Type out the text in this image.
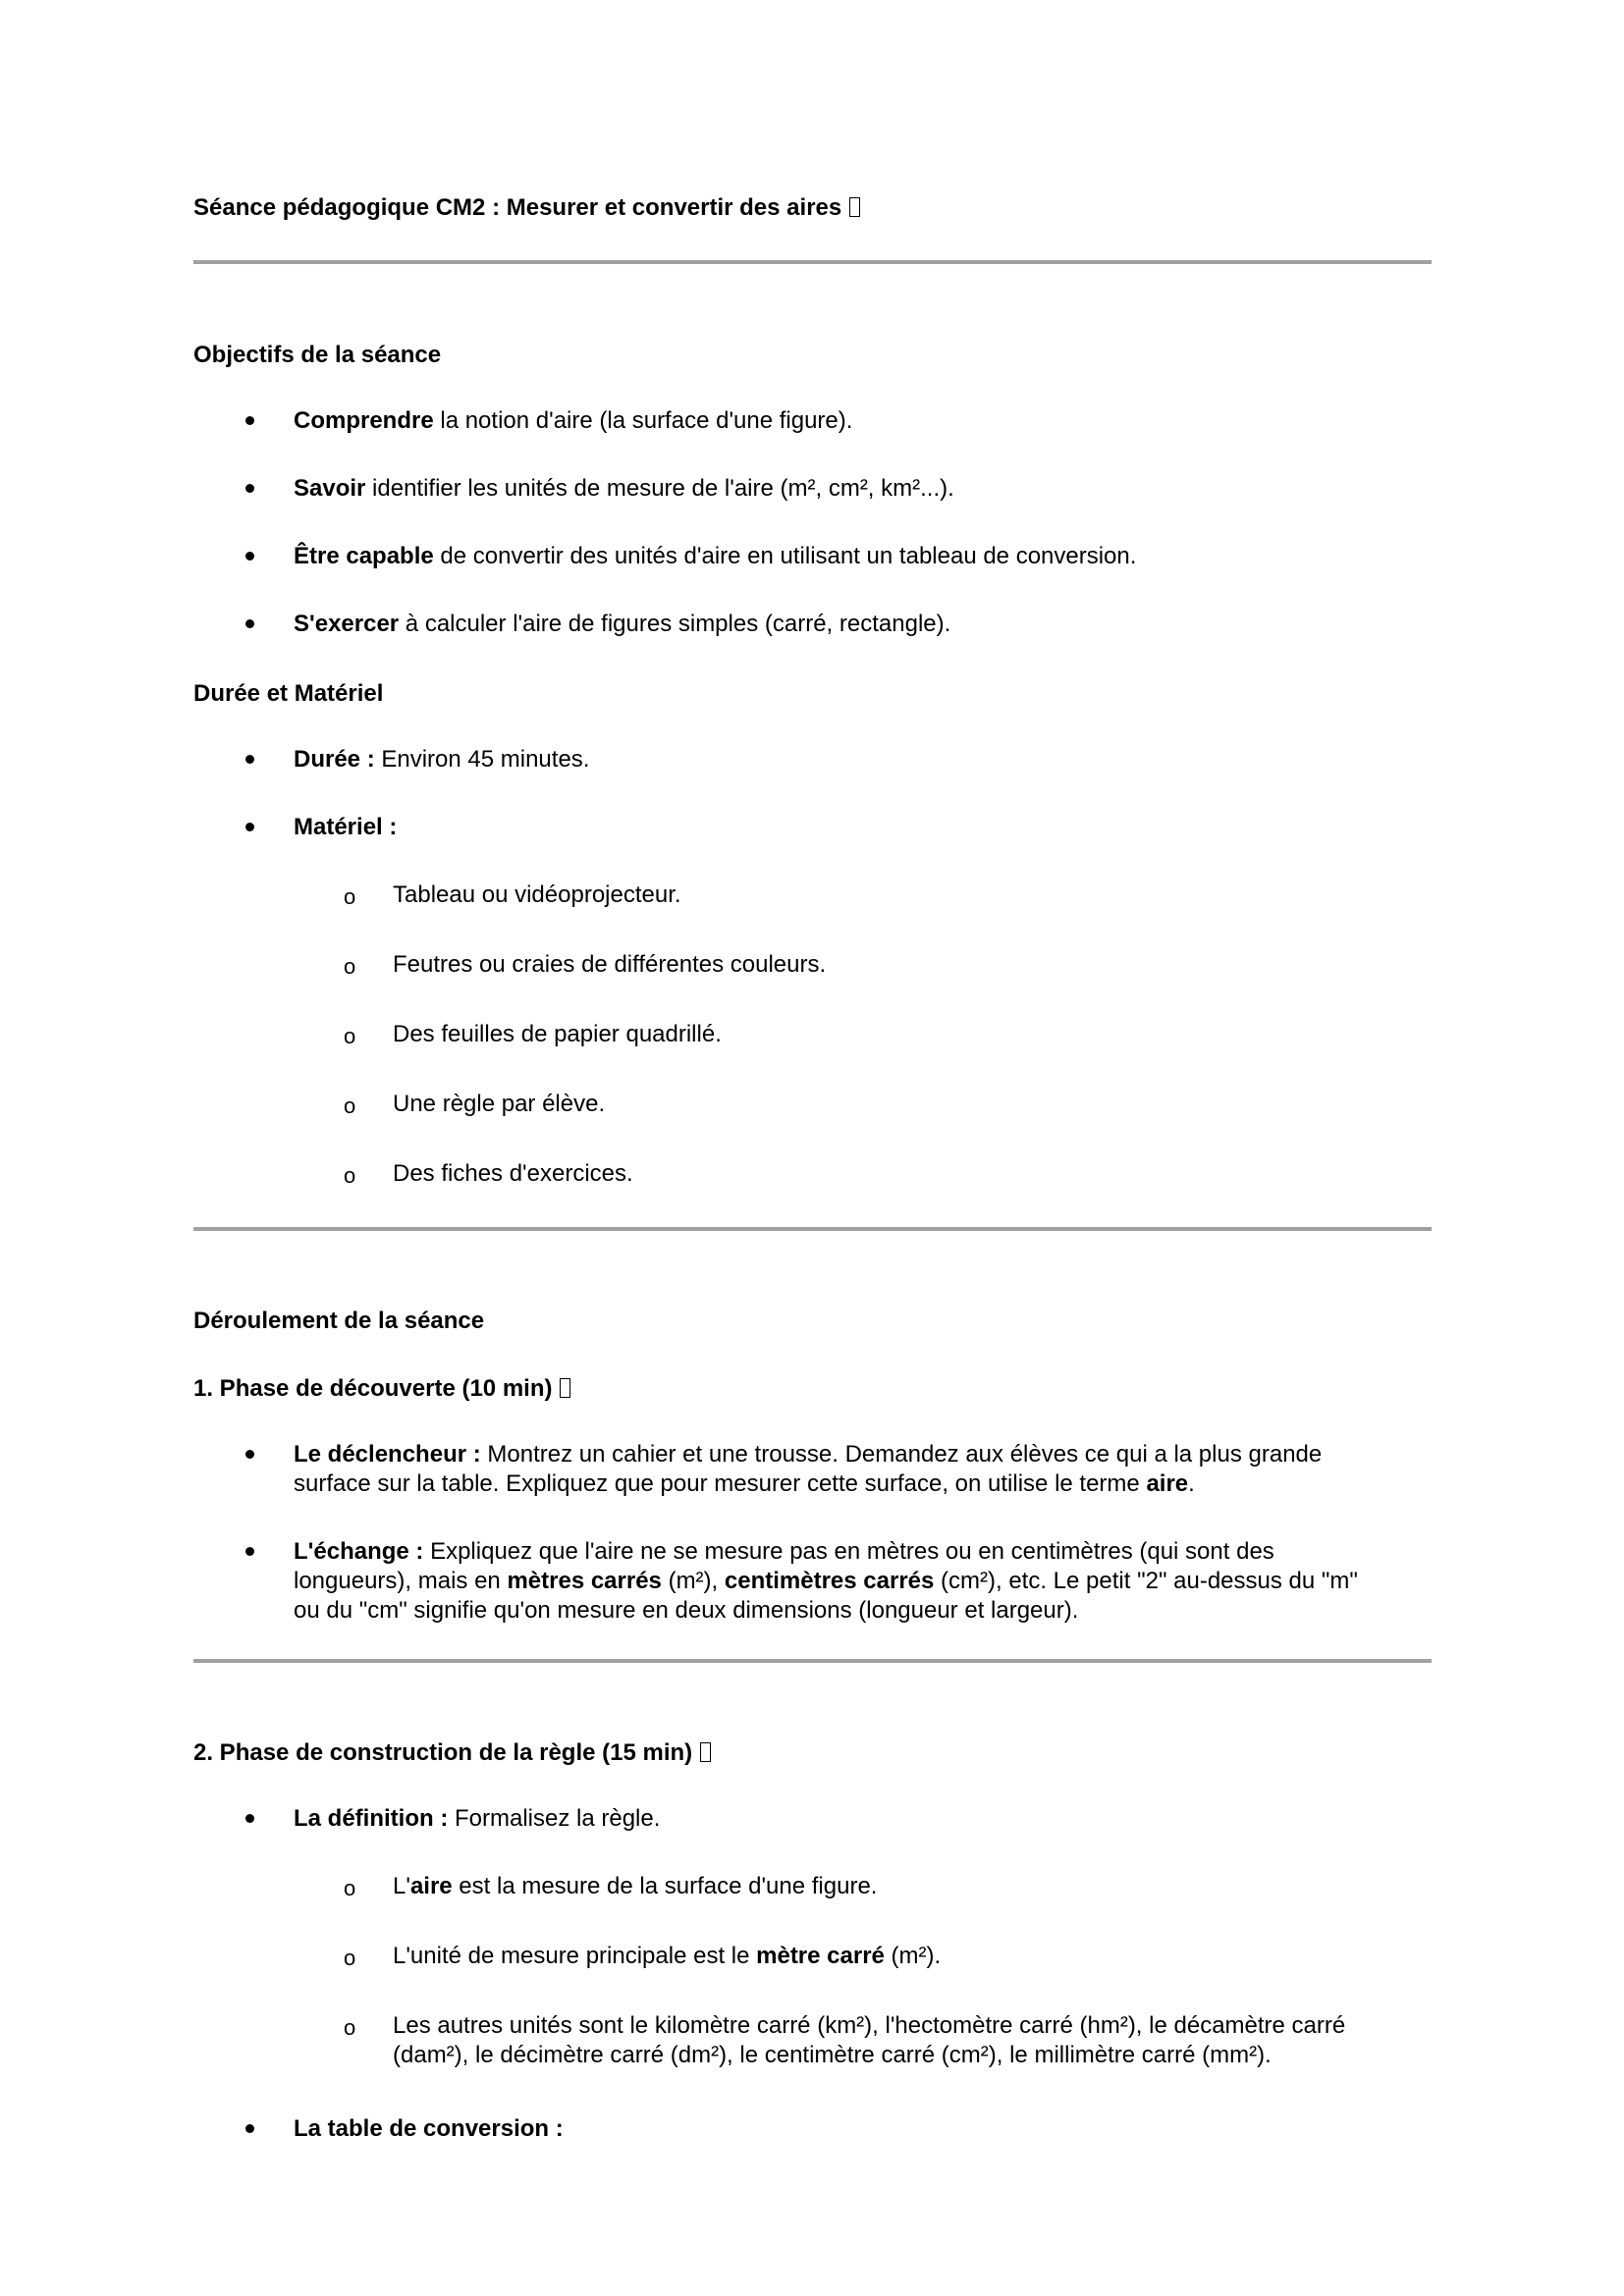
Séance pédagogique CM2 : Mesurer et convertir des aires
Objectifs de la séance
Comprendre la notion d'aire (la surface d'une figure).
Savoir identifier les unités de mesure de l'aire (m², cm², km²...).
Être capable de convertir des unités d'aire en utilisant un tableau de conversion.
S'exercer à calculer l'aire de figures simples (carré, rectangle).
Durée et Matériel
Durée : Environ 45 minutes.
Matériel :
o Tableau ou vidéoprojecteur.
o Feutres ou craies de différentes couleurs.
o Des feuilles de papier quadrillé.
o Une règle par élève.
o Des fiches d'exercices.
Déroulement de la séance
1. Phase de découverte (10 min)
Le déclencheur : Montrez un cahier et une trousse. Demandez aux élèves ce qui a la plus grande
surface sur la table. Expliquez que pour mesurer cette surface, on utilise le terme aire.
L'échange : Expliquez que l'aire ne se mesure pas en mètres ou en centimètres (qui sont des
longueurs), mais en mètres carrés (m²), centimètres carrés (cm²), etc. Le petit "2" au-dessus du "m"
ou du "cm" signifie qu'on mesure en deux dimensions (longueur et largeur).
2. Phase de construction de la règle (15 min)
La définition : Formalisez la règle.
o L'aire est la mesure de la surface d'une figure.
o L'unité de mesure principale est le mètre carré (m²).
o Les autres unités sont le kilomètre carré (km²), l'hectomètre carré (hm²), le décamètre carré
(dam²), le décimètre carré (dm²), le centimètre carré (cm²), le millimètre carré (mm²).
La table de conversion :
